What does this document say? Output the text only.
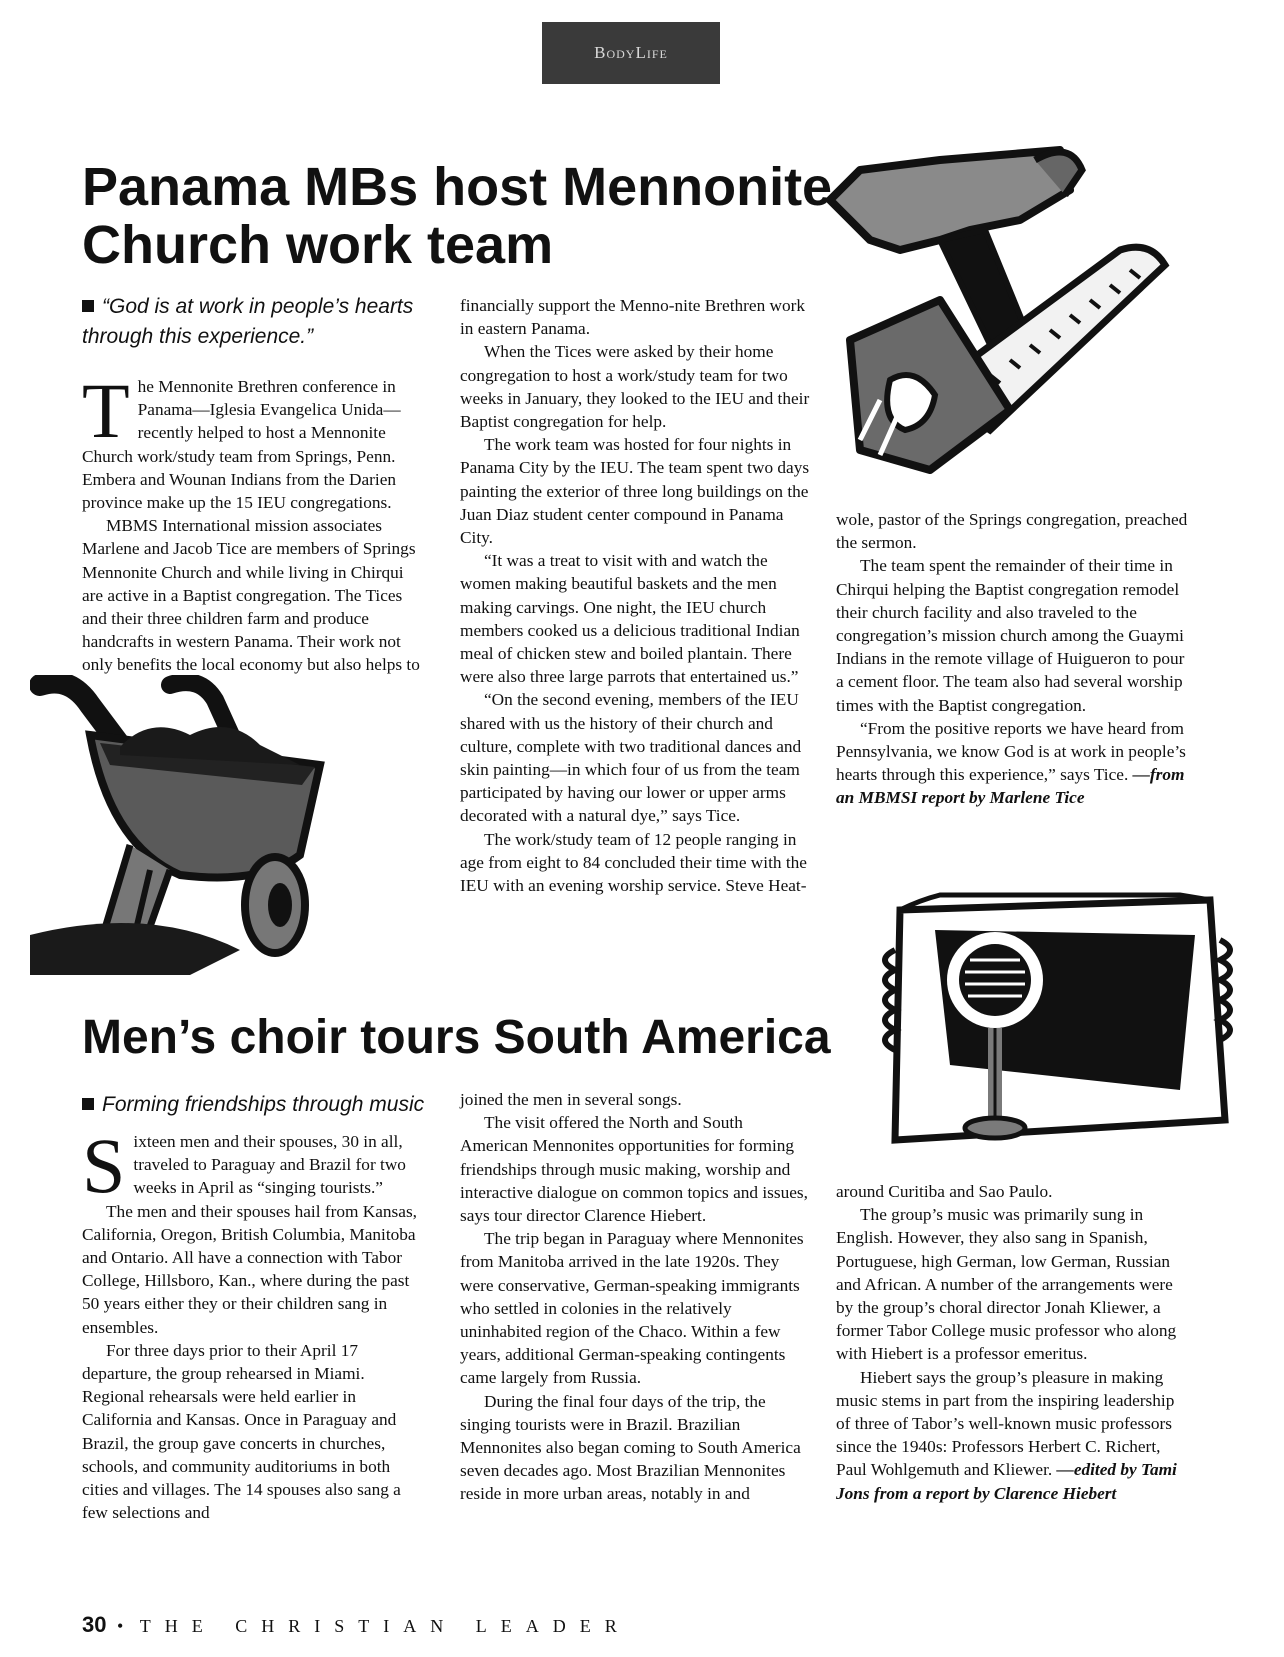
BodyLife
Panama MBs host Mennonite Church work team
“God is at work in people’s hearts through this experience.”

The Mennonite Brethren conference in Panama—Iglesia Evangelica Unida—recently helped to host a Mennonite Church work/study team from Springs, Penn. Embera and Wounan Indians from the Darien province make up the 15 IEU congregations.

MBMS International mission associates Marlene and Jacob Tice are members of Springs Mennonite Church and while living in Chirqui are active in a Baptist congregation. The Tices and their three children farm and produce handcrafts in western Panama. Their work not only benefits the local economy but also helps to

financially support the Menno-nite Brethren work in eastern Panama.

When the Tices were asked by their home congregation to host a work/study team for two weeks in January, they looked to the IEU and their Baptist congregation for help.

The work team was hosted for four nights in Panama City by the IEU. The team spent two days painting the exterior of three long buildings on the Juan Diaz student center compound in Panama City.

“It was a treat to visit with and watch the women making beautiful baskets and the men making carvings. One night, the IEU church members cooked us a delicious traditional Indian meal of chicken stew and boiled plantain. There were also three large parrots that entertained us.”

“On the second evening, members of the IEU shared with us the history of their church and culture, complete with two traditional dances and skin painting—in which four of us from the team participated by having our lower or upper arms decorated with a natural dye,” says Tice.

The work/study team of 12 people ranging in age from eight to 84 concluded their time with the IEU with an evening worship service. Steve Heat-

wole, pastor of the Springs congregation, preached the sermon.

The team spent the remainder of their time in Chirqui helping the Baptist congregation remodel their church facility and also traveled to the congregation’s mission church among the Guaymi Indians in the remote village of Huigueron to pour a cement floor. The team also had several worship times with the Baptist congregation.

“From the positive reports we have heard from Pennsylvania, we know God is at work in people’s hearts through this experience,” says Tice. —from an MBMSI report by Marlene Tice

Men’s choir tours South America
Forming friendships through music

Sixteen men and their spouses, 30 in all, traveled to Paraguay and Brazil for two weeks in April as “singing tourists.”

The men and their spouses hail from Kansas, California, Oregon, British Columbia, Manitoba and Ontario. All have a connection with Tabor College, Hillsboro, Kan., where during the past 50 years either they or their children sang in ensembles.

For three days prior to their April 17 departure, the group rehearsed in Miami. Regional rehearsals were held earlier in California and Kansas. Once in Paraguay and Brazil, the group gave concerts in churches, schools, and community auditoriums in both cities and villages. The 14 spouses also sang a few selections and

joined the men in several songs.

The visit offered the North and South American Mennonites opportunities for forming friendships through music making, worship and interactive dialogue on common topics and issues, says tour director Clarence Hiebert.

The trip began in Paraguay where Mennonites from Manitoba arrived in the late 1920s. They were conservative, German-speaking immigrants who settled in colonies in the relatively uninhabited region of the Chaco. Within a few years, additional German-speaking contingents came largely from Russia.

During the final four days of the trip, the singing tourists were in Brazil. Brazilian Mennonites also began coming to South America seven decades ago. Most Brazilian Mennonites reside in more urban areas, notably in and

around Curitiba and Sao Paulo.

The group’s music was primarily sung in English. However, they also sang in Spanish, Portuguese, high German, low German, Russian and African. A number of the arrangements were by the group’s choral director Jonah Kliewer, a former Tabor College music professor who along with Hiebert is a professor emeritus.

Hiebert says the group’s pleasure in making music stems in part from the inspiring leadership of three of Tabor’s well-known music professors since the 1940s: Professors Herbert C. Richert, Paul Wohlgemuth and Kliewer. —edited by Tami Jons from a report by Clarence Hiebert

30 • THE CHRISTIAN LEADER
